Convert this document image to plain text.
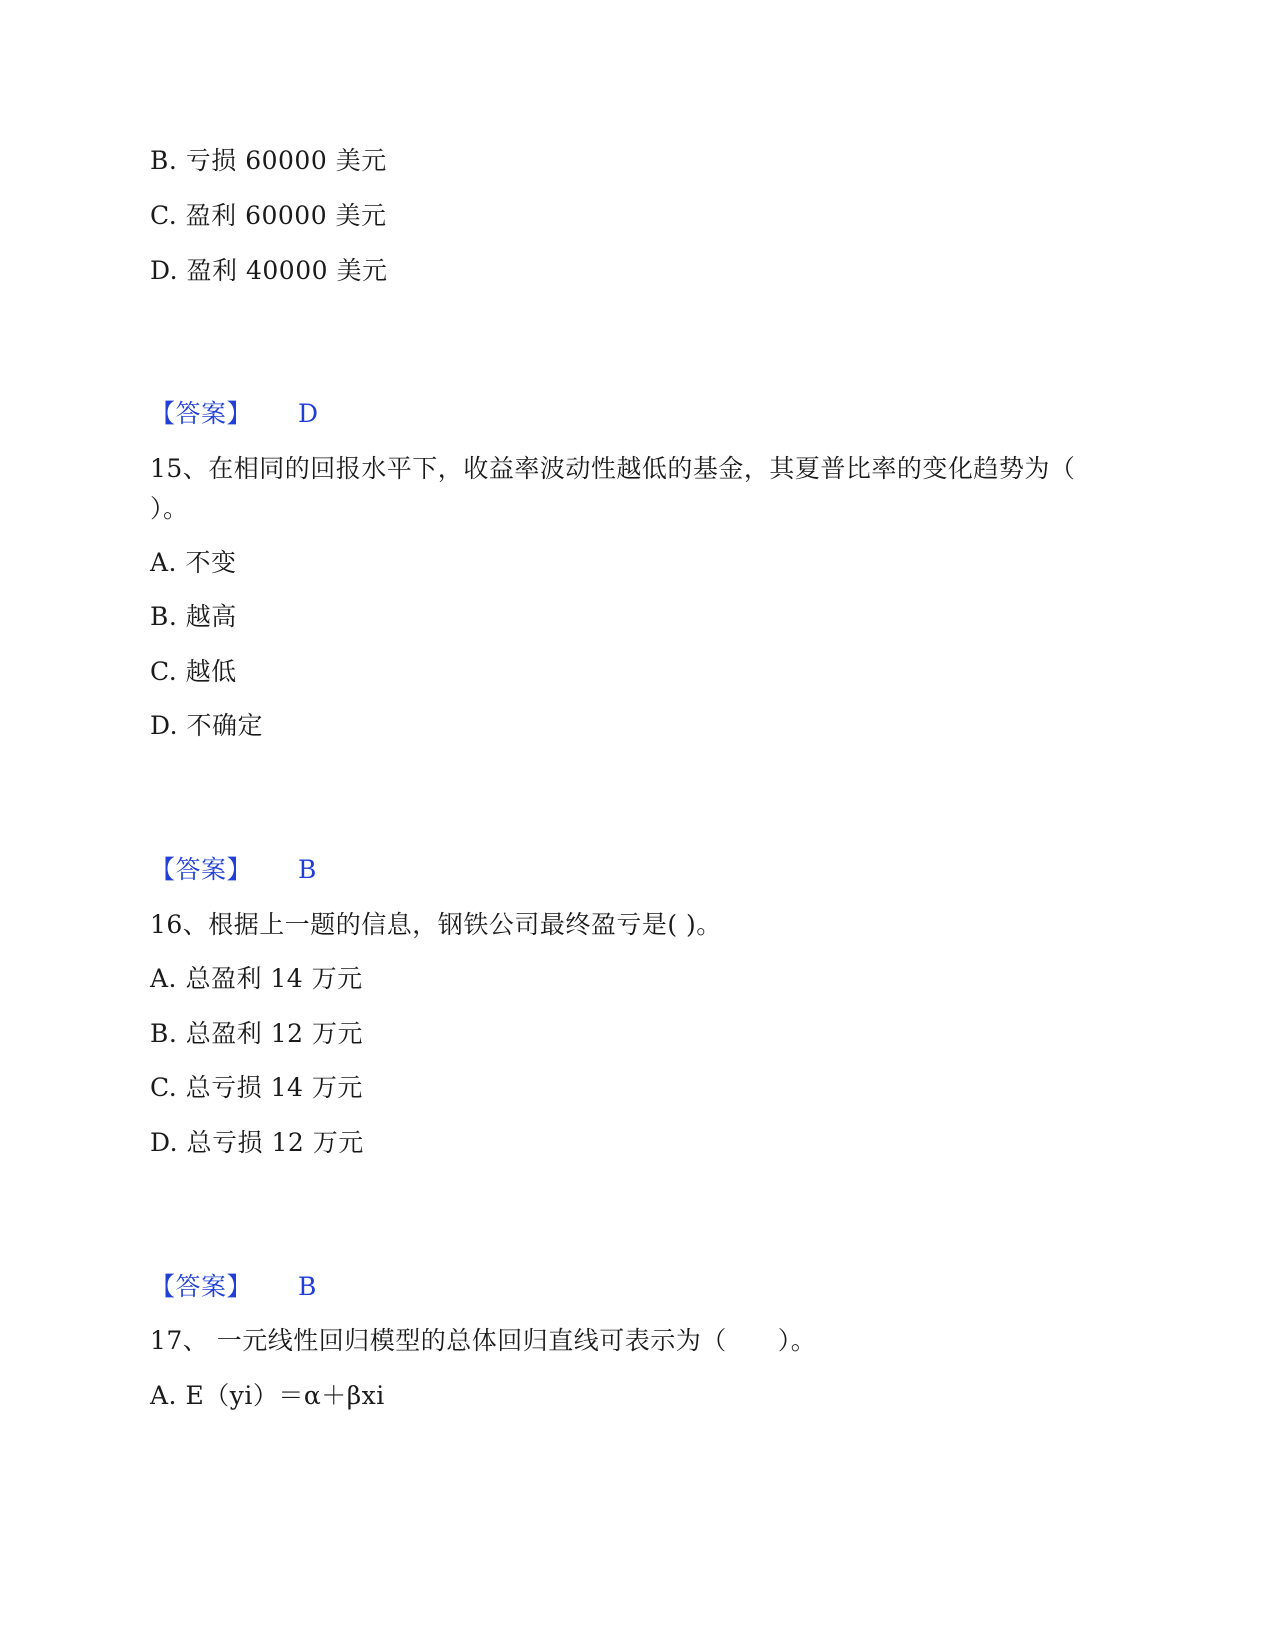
B. 亏损 60000 美元
C. 盈利 60000 美元
D. 盈利 40000 美元
【答案】 D
15、在相同的回报水平下，收益率波动性越低的基金，其夏普比率的变化趋势为（ ）。
A. 不变
B. 越高
C. 越低
D. 不确定
【答案】 B
16、根据上一题的信息，钢铁公司最终盈亏是( )。
A. 总盈利 14 万元
B. 总盈利 12 万元
C. 总亏损 14 万元
D. 总亏损 12 万元
【答案】 B
17、 一元线性回归模型的总体回归直线可表示为（　　）。
A. E（yi）＝α＋βxi
